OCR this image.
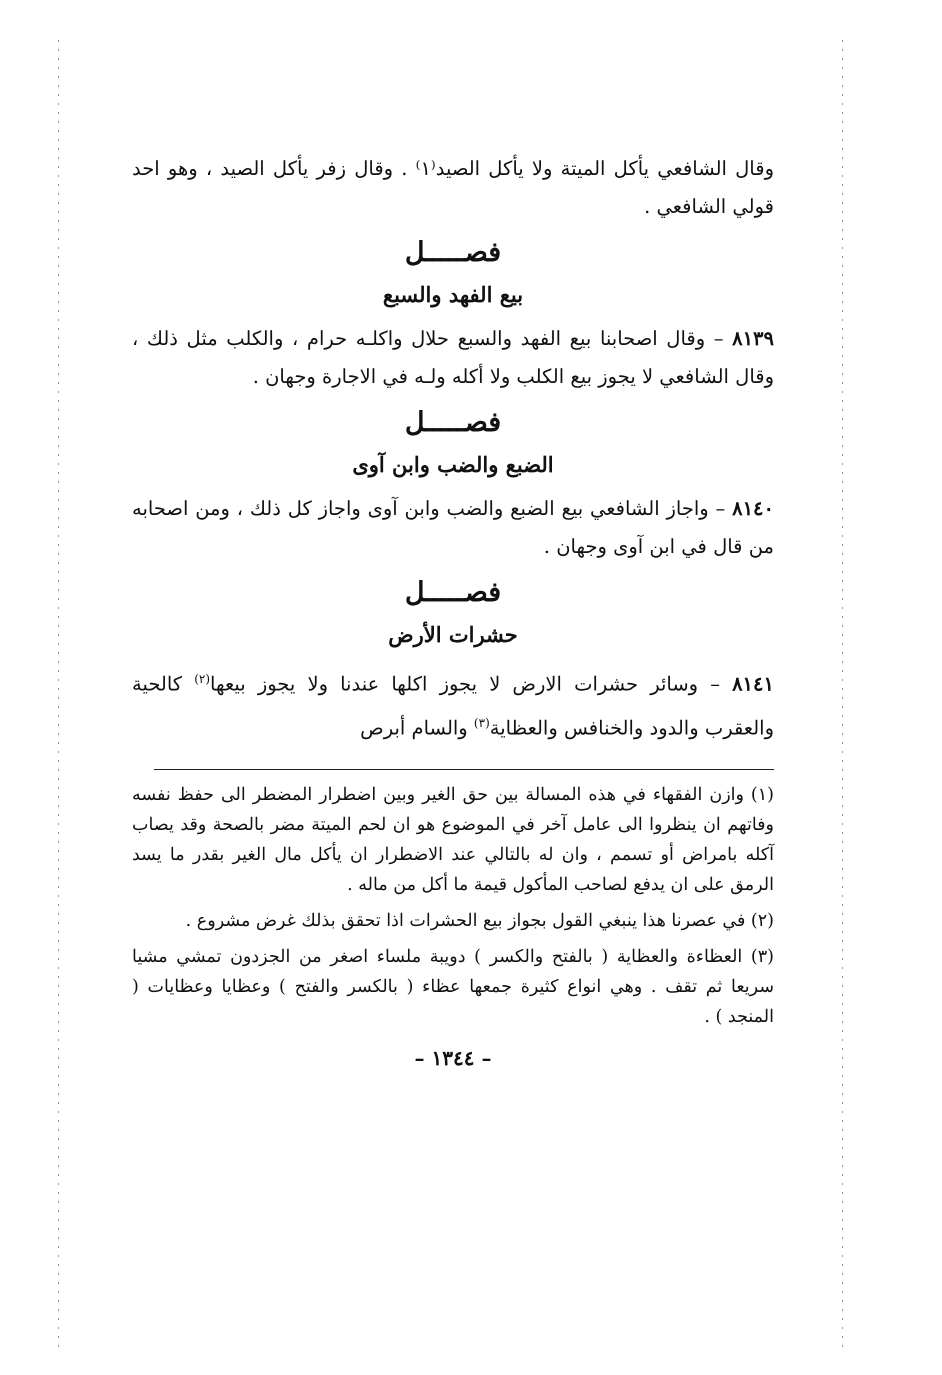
وقال الشافعي يأكل الميتة ولا يأكل الصيد⁽١⁾ . وقال زفر يأكل الصيد ، وهو احد قولي الشافعي .

فصـــــل
بيع الفهد والسبع

٨١٣٩ – وقال اصحابنا بيع الفهد والسبع حلال واكلـه حرام ، والكلب مثل ذلك ، وقال الشافعي لا يجوز بيع الكلب ولا أكله ولـه في الاجارة وجهان .

فصـــــل
الضبع والضب وابن آوى

٨١٤٠ – واجاز الشافعي بيع الضبع والضب وابن آوى واجاز كل ذلك ، ومن اصحابه من قال في ابن آوى وجهان .

فصـــــل
حشرات الأرض

٨١٤١ – وسائر حشرات الارض لا يجوز اكلها عندنا ولا يجوز بيعها$^{(٢)}$ كالحية والعقرب والدود والخنافس والعظاية$^{(٣)}$ والسام أبرص

(١) وازن الفقهاء في هذه المسالة بين حق الغير وبين اضطرار المضطر الى حفظ نفسه وفاتهم ان ينظروا الى عامل آخر في الموضوع هو ان لحم الميتة مضر بالصحة وقد يصاب آكله بامراض أو تسمم ، وان له بالتالي عند الاضطرار ان يأكل مال الغير بقدر ما يسد الرمق على ان يدفع لصاحب المأكول قيمة ما أكل من ماله .

(٢) في عصرنا هذا ينبغي القول بجواز بيع الحشرات اذا تحقق بذلك غرض مشروع .

(٣) العظاءة والعظاية ( بالفتح والكسر ) دويبة ملساء اصغر من الجزدون تمشي مشيا سريعا ثم تقف . وهي انواع كثيرة جمعها عظاء ( بالكسر والفتح ) وعظايا وعظايات ( المنجد ) .

– ١٣٤٤ –
